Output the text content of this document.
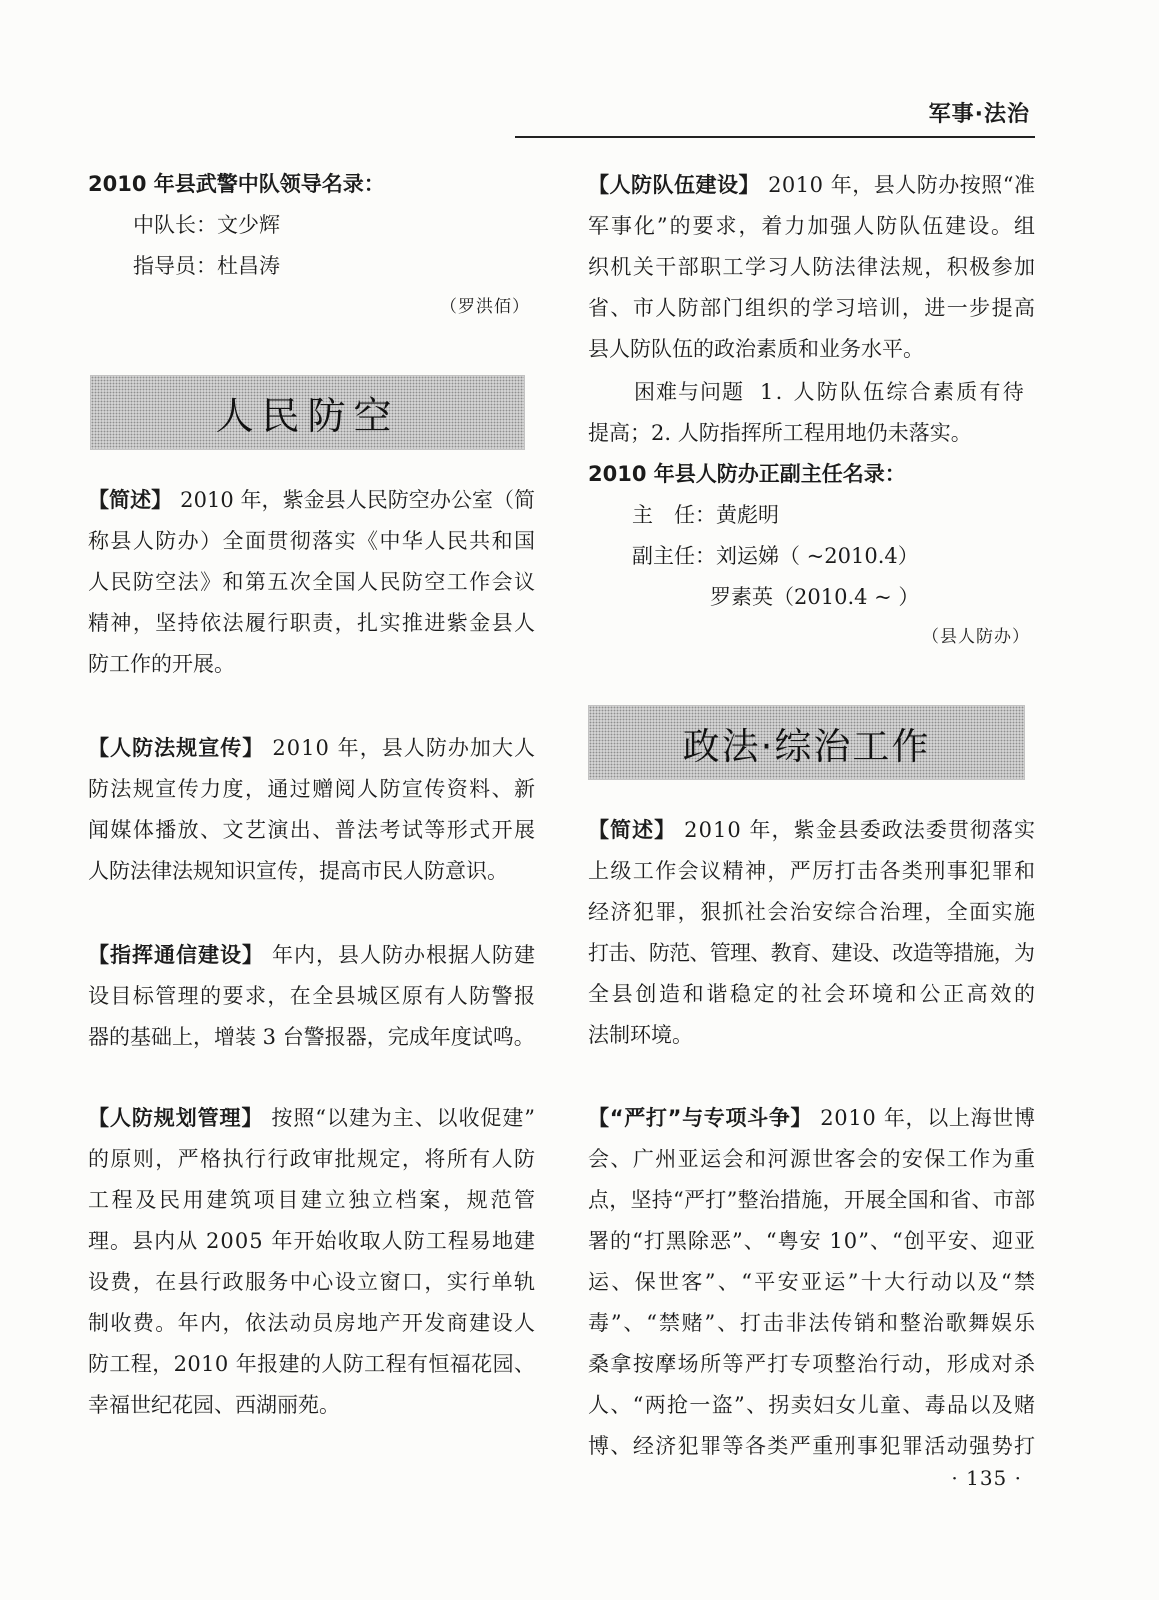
军事·法治
2010 年县武警中队领导名录：
中队长：文少辉
指导员：杜昌涛
（罗洪佰）
人民防空
【简述】 2010 年，紫金县人民防空办公室（简
称县人防办）全面贯彻落实《中华人民共和国
人民防空法》和第五次全国人民防空工作会议
精神，坚持依法履行职责，扎实推进紫金县人
防工作的开展。
【人防法规宣传】 2010 年，县人防办加大人
防法规宣传力度，通过赠阅人防宣传资料、新
闻媒体播放、文艺演出、普法考试等形式开展
人防法律法规知识宣传，提高市民人防意识。
【指挥通信建设】 年内，县人防办根据人防建
设目标管理的要求，在全县城区原有人防警报
器的基础上，增装 3 台警报器，完成年度试鸣。
【人防规划管理】 按照“以建为主、以收促建”
的原则，严格执行行政审批规定，将所有人防
工程及民用建筑项目建立独立档案，规范管
理。县内从 2005 年开始收取人防工程易地建
设费，在县行政服务中心设立窗口，实行单轨
制收费。年内，依法动员房地产开发商建设人
防工程，2010 年报建的人防工程有恒福花园、
幸福世纪花园、西湖丽苑。
【人防队伍建设】 2010 年，县人防办按照“准
军事化”的要求，着力加强人防队伍建设。组
织机关干部职工学习人防法律法规，积极参加
省、市人防部门组织的学习培训，进一步提高
县人防队伍的政治素质和业务水平。
困难与问题 1. 人防队伍综合素质有待
提高；2. 人防指挥所工程用地仍未落实。
2010 年县人防办正副主任名录：
主　任：黄彪明
副主任：刘运娣（ ~2010.4）
罗素英（2010.4 ~ ）
（县人防办）
政法·综治工作
【简述】 2010 年，紫金县委政法委贯彻落实
上级工作会议精神，严厉打击各类刑事犯罪和
经济犯罪，狠抓社会治安综合治理，全面实施
打击、防范、管理、教育、建设、改造等措施，为
全县创造和谐稳定的社会环境和公正高效的
法制环境。
【“严打”与专项斗争】 2010 年，以上海世博
会、广州亚运会和河源世客会的安保工作为重
点，坚持“严打”整治措施，开展全国和省、市部
署的“打黑除恶”、“粤安 10”、“创平安、迎亚
运、保世客”、“平安亚运”十大行动以及“禁
毒”、“禁赌”、打击非法传销和整治歌舞娱乐
桑拿按摩场所等严打专项整治行动，形成对杀
人、“两抢一盗”、拐卖妇女儿童、毒品以及赌
博、经济犯罪等各类严重刑事犯罪活动强势打
· 135 ·
